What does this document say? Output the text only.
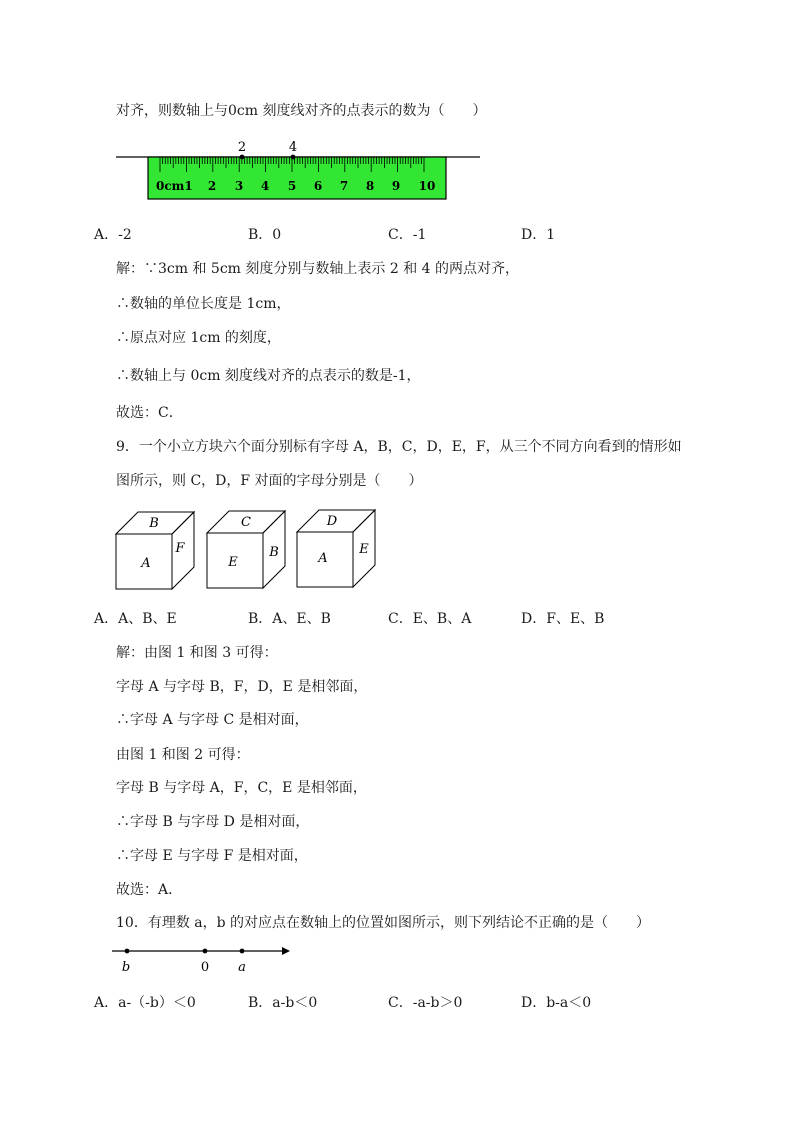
对齐，则数轴上与0cm 刻度线对齐的点表示的数为（　　）
2	4
0cm1 2 3 4 5 6 7 8 9 10
A．-2	B．0	C．-1	D．1
解：∵3cm 和 5cm 刻度分别与数轴上表示 2 和 4 的两点对齐，
∴数轴的单位长度是 1cm，
∴原点对应 1cm 的刻度，
∴数轴上与 0cm 刻度线对齐的点表示的数是-1，
故选：C．
9．一个小立方块六个面分别标有字母 A，B，C，D，E，F，从三个不同方向看到的情形如
图所示，则 C，D，F 对面的字母分别是（　　）
B
A
F
C
E
B
D
A
E
A．A、B、E	B．A、E、B	C．E、B、A	D．F、E、B
解：由图 1 和图 3 可得：
字母 A 与字母 B，F，D，E 是相邻面，
∴字母 A 与字母 C 是相对面，
由图 1 和图 2 可得：
字母 B 与字母 A，F，C，E 是相邻面，
∴字母 B 与字母 D 是相对面，
∴字母 E 与字母 F 是相对面，
故选：A．
10．有理数 a，b 的对应点在数轴上的位置如图所示，则下列结论不正确的是（　　）
b	0 a
A．a-（-b）＜0	B．a-b＜0	C．-a-b＞0	D．b-a＜0
